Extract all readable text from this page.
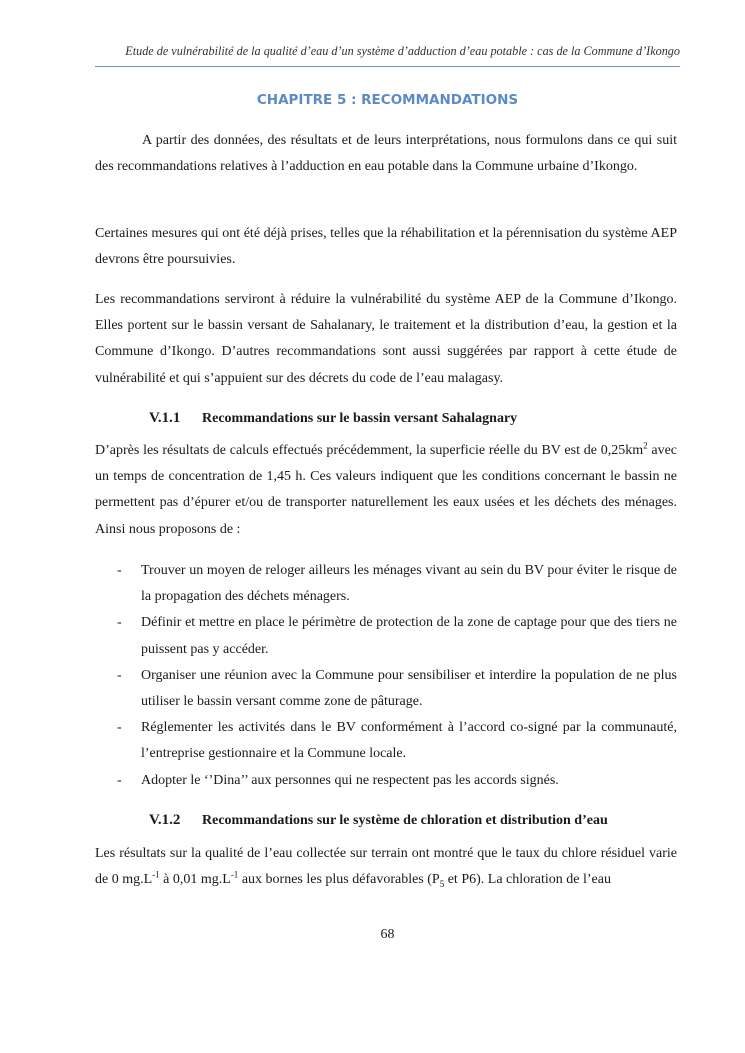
Etude de vulnérabilité de la qualité d’eau d’un système d’adduction d’eau potable : cas de la Commune d’Ikongo
CHAPITRE 5 : RECOMMANDATIONS
A partir des données, des résultats et de leurs interprétations, nous formulons dans ce qui suit des recommandations relatives à l’adduction en eau potable dans la Commune urbaine d’Ikongo.
Certaines mesures qui ont été déjà prises, telles que la réhabilitation et la pérennisation du système AEP devrons être poursuivies.
Les recommandations serviront à réduire la vulnérabilité du système AEP de la Commune d’Ikongo. Elles portent sur le bassin versant de Sahalanary, le traitement et la distribution d’eau, la gestion et la Commune d’Ikongo. D’autres recommandations sont aussi suggérées par rapport à cette étude de vulnérabilité et qui s’appuient sur des décrets du code de l’eau malagasy.
V.1.1 Recommandations sur le bassin versant Sahalagnary
D’après les résultats de calculs effectués précédemment, la superficie réelle du BV est de $0,25km^2$ avec un temps de concentration de 1,45 h. Ces valeurs indiquent que les conditions concernant le bassin ne permettent pas d’épurer et/ou de transporter naturellement les eaux usées et les déchets des ménages. Ainsi nous proposons de :
- Trouver un moyen de reloger ailleurs les ménages vivant au sein du BV pour éviter le risque de la propagation des déchets ménagers.
- Définir et mettre en place le périmètre de protection de la zone de captage pour que des tiers ne puissent pas y accéder.
- Organiser une réunion avec la Commune pour sensibiliser et interdire la population de ne plus utiliser le bassin versant comme zone de pâturage.
- Réglementer les activités dans le BV conformément à l’accord co-signé par la communauté, l’entreprise gestionnaire et la Commune locale.
- Adopter le ‘’Dina’’ aux personnes qui ne respectent pas les accords signés.
V.1.2 Recommandations sur le système de chloration et distribution d’eau
Les résultats sur la qualité de l’eau collectée sur terrain ont montré que le taux du chlore résiduel varie de 0 $mg.L^{-1}$ à 0,01 $mg.L^{-1}$ aux bornes les plus défavorables ($P_5$ et P6). La chloration de l’eau
68
